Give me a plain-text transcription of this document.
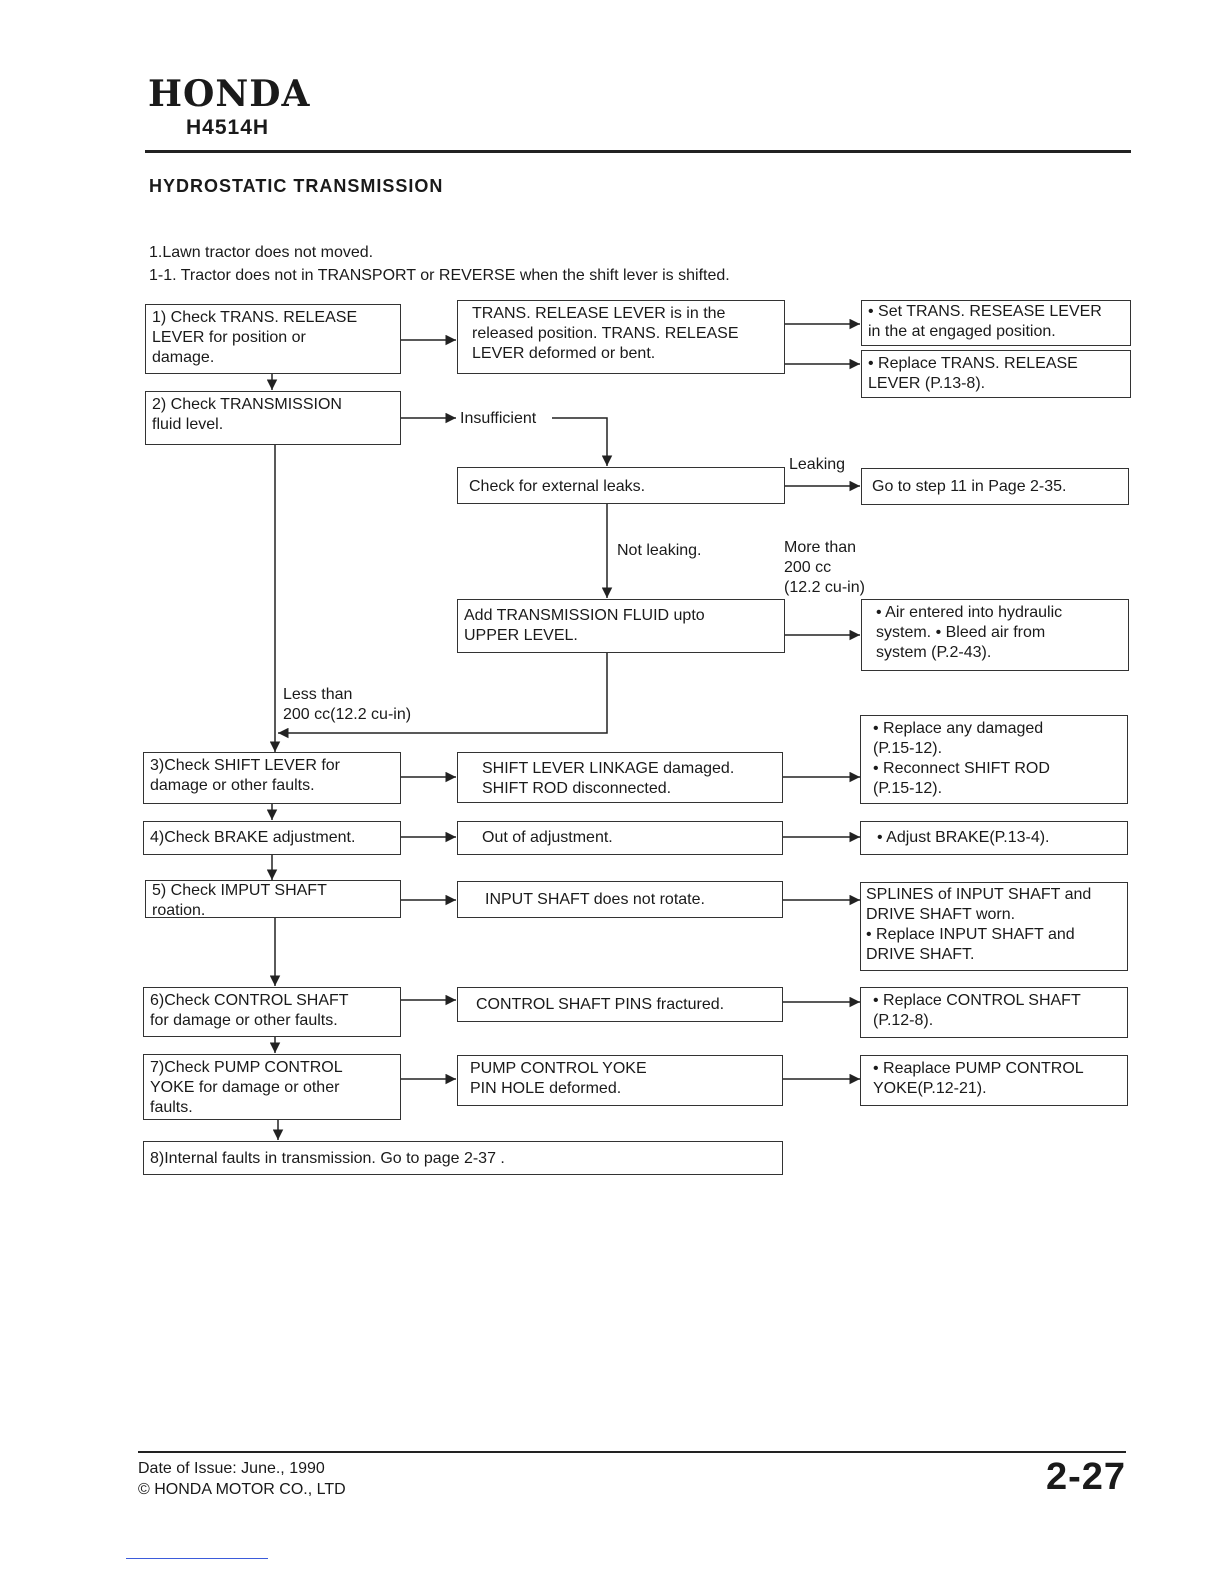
HONDA
H4514H
HYDROSTATIC TRANSMISSION
1.Lawn tractor does not moved.
1-1. Tractor does not in TRANSPORT or REVERSE when the shift lever is shifted.
1) Check TRANS. RELEASE
LEVER for position or
damage.
2) Check TRANSMISSION
fluid level.
3)Check SHIFT LEVER for
damage or other faults.
4)Check BRAKE adjustment.
5) Check IMPUT SHAFT
roation.
6)Check CONTROL SHAFT
for damage or other faults.
7)Check PUMP CONTROL
YOKE for damage or other
faults.
8)Internal faults in transmission. Go to page 2-37 .
TRANS. RELEASE LEVER is in the
released position. TRANS. RELEASE
LEVER deformed or bent.
Check for external leaks.
Add TRANSMISSION FLUID upto
UPPER LEVEL.
SHIFT LEVER LINKAGE damaged.
SHIFT ROD disconnected.
Out of adjustment.
INPUT SHAFT does not rotate.
CONTROL SHAFT PINS fractured.
PUMP CONTROL YOKE
PIN HOLE deformed.
• Set TRANS. RESEASE LEVER
in the at engaged position.
• Replace TRANS. RELEASE
LEVER (P.13-8).
Go to step 11 in Page 2-35.
• Air entered into hydraulic
system. • Bleed air from
system (P.2-43).
• Replace any damaged
(P.15-12).
• Reconnect SHIFT ROD
(P.15-12).
• Adjust BRAKE(P.13-4).
SPLINES of INPUT SHAFT and
DRIVE SHAFT worn.
• Replace INPUT SHAFT and
DRIVE SHAFT.
• Replace CONTROL SHAFT
(P.12-8).
• Reaplace PUMP CONTROL
YOKE(P.12-21).
Insufficient
Leaking
Not leaking.	More than
200 cc
(12.2 cu-in)
Less than
200 cc(12.2 cu-in)
Date of Issue: June., 1990
© HONDA MOTOR CO., LTD	2-27
